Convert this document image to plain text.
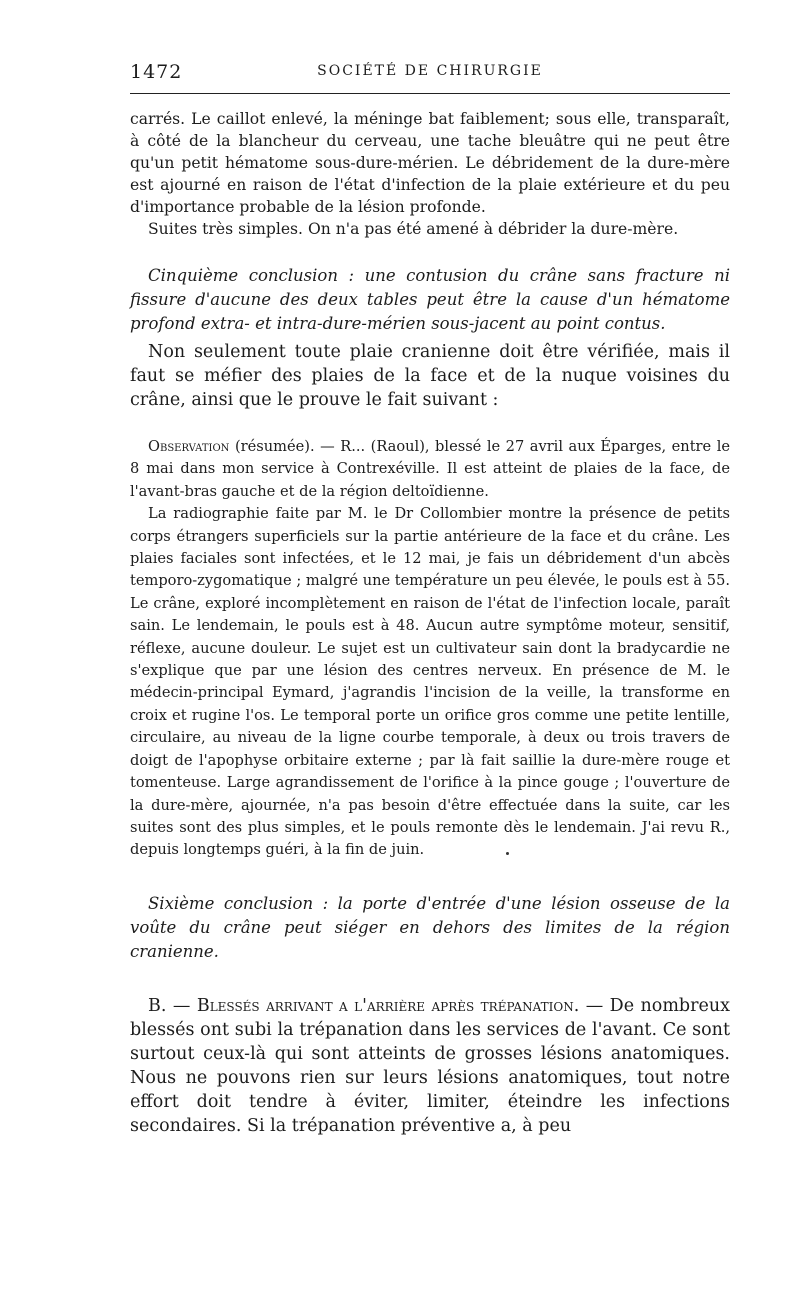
1472	SOCIÉTÉ DE CHIRURGIE

carrés. Le caillot enlevé, la méninge bat faiblement; sous elle, transparaît, à côté de la blancheur du cerveau, une tache bleuâtre qui ne peut être qu'un petit hématome sous-dure-mérien. Le débridement de la dure-mère est ajourné en raison de l'état d'infection de la plaie extérieure et du peu d'importance probable de la lésion profonde.

Suites très simples. On n'a pas été amené à débrider la dure-mère.

Cinquième conclusion : une contusion du crâne sans fracture ni fissure d'aucune des deux tables peut être la cause d'un hématome profond extra- et intra-dure-mérien sous-jacent au point contus.

Non seulement toute plaie cranienne doit être vérifiée, mais il faut se méfier des plaies de la face et de la nuque voisines du crâne, ainsi que le prouve le fait suivant :

Observation (résumée). — R... (Raoul), blessé le 27 avril aux Éparges, entre le 8 mai dans mon service à Contrexéville. Il est atteint de plaies de la face, de l'avant-bras gauche et de la région deltoïdienne.

La radiographie faite par M. le Dr Collombier montre la présence de petits corps étrangers superficiels sur la partie antérieure de la face et du crâne. Les plaies faciales sont infectées, et le 12 mai, je fais un débridement d'un abcès temporo-zygomatique ; malgré une température un peu élevée, le pouls est à 55. Le crâne, exploré incomplètement en raison de l'état de l'infection locale, paraît sain. Le lendemain, le pouls est à 48. Aucun autre symptôme moteur, sensitif, réflexe, aucune douleur. Le sujet est un cultivateur sain dont la bradycardie ne s'explique que par une lésion des centres nerveux. En présence de M. le médecin-principal Eymard, j'agrandis l'incision de la veille, la transforme en croix et rugine l'os. Le temporal porte un orifice gros comme une petite lentille, circulaire, au niveau de la ligne courbe temporale, à deux ou trois travers de doigt de l'apophyse orbitaire externe ; par là fait saillie la dure-mère rouge et tomenteuse. Large agrandissement de l'orifice à la pince gouge ; l'ouverture de la dure-mère, ajournée, n'a pas besoin d'être effectuée dans la suite, car les suites sont des plus simples, et le pouls remonte dès le lendemain. J'ai revu R., depuis longtemps guéri, à la fin de juin.

Sixième conclusion : la porte d'entrée d'une lésion osseuse de la voûte du crâne peut siéger en dehors des limites de la région cranienne.

B. — Blessés arrivant a l'arrière après trépanation. — De nombreux blessés ont subi la trépanation dans les services de l'avant. Ce sont surtout ceux-là qui sont atteints de grosses lésions anatomiques. Nous ne pouvons rien sur leurs lésions anatomiques, tout notre effort doit tendre à éviter, limiter, éteindre les infections secondaires. Si la trépanation préventive a, à peu
